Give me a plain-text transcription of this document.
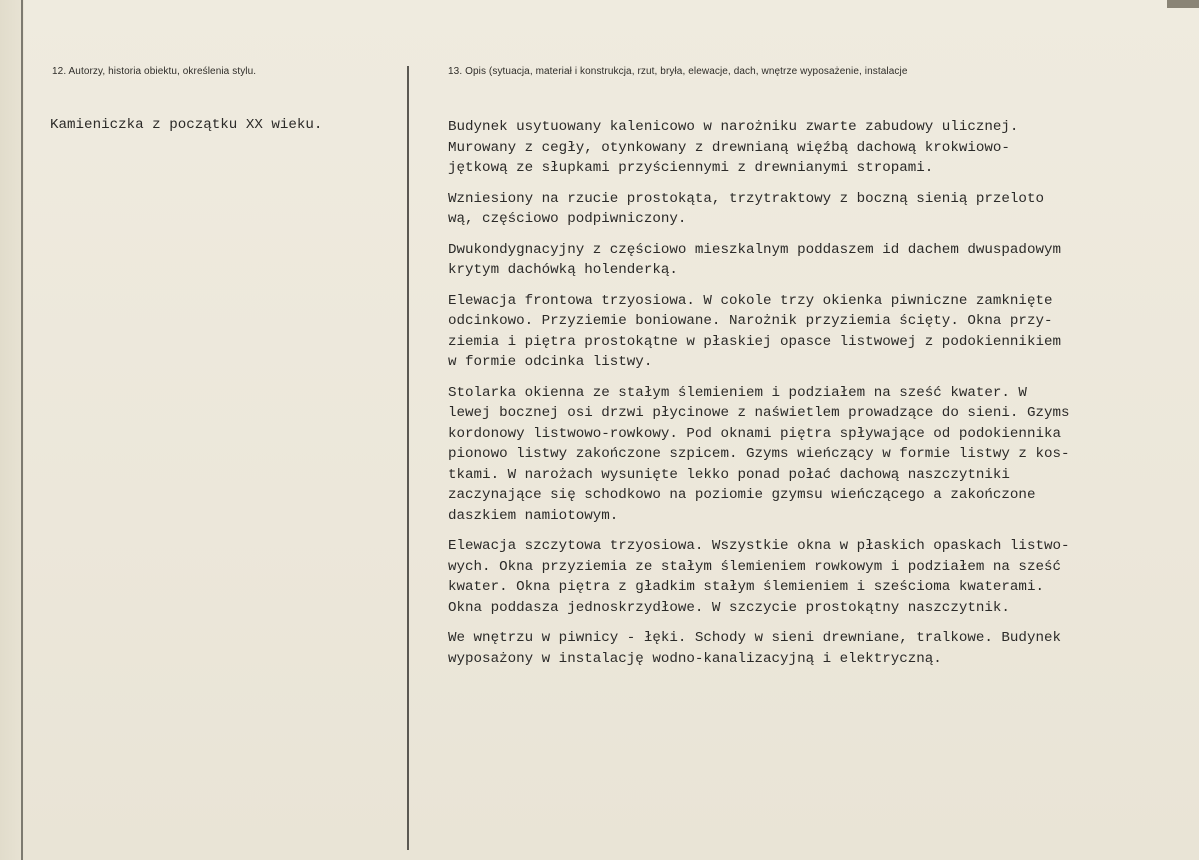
12. Autorzy, historia obiektu, określenia stylu.	13. Opis (sytuacja, materiał i konstrukcja, rzut, bryła, elewacje, dach, wnętrze wyposażenie, instalacje
Kamieniczka z początku XX wieku.	Budynek usytuowany kalenicowo w narożniku zwarte zabudowy ulicznej.

Murowany z cegły, otynkowany z drewnianą więźbą dachową krokwiowo-

jętkową ze słupkami przyściennymi z drewnianymi stropami.

Wzniesiony na rzucie prostokąta, trzytraktowy z boczną sienią przeloto

wą, częściowo podpiwniczony.

Dwukondygnacyjny z częściowo mieszkalnym poddaszem id dachem dwuspadowym

krytym dachówką holenderką.

Elewacja frontowa trzyosiowa. W cokole trzy okienka piwniczne zamknięte

odcinkowo. Przyziemie boniowane. Narożnik przyziemia ścięty. Okna przy-

ziemia i piętra prostokątne w płaskiej opasce listwowej z podokiennikiem

w formie odcinka listwy.

Stolarka okienna ze stałym ślemieniem i podziałem na sześć kwater. W

lewej bocznej osi drzwi płycinowe z naświetlem prowadzące do sieni. Gzyms

kordonowy listwowo-rowkowy. Pod oknami piętra spływające od podokiennika

pionowo listwy zakończone szpicem. Gzyms wieńczący w formie listwy z kos-

tkami. W narożach wysunięte lekko ponad połać dachową naszczytniki

zaczynające się schodkowo na poziomie gzymsu wieńczącego a zakończone

daszkiem namiotowym.

Elewacja szczytowa trzyosiowa. Wszystkie okna w płaskich opaskach listwo-

wych. Okna przyziemia ze stałym ślemieniem rowkowym i podziałem na sześć

kwater. Okna piętra z gładkim stałym ślemieniem i sześcioma kwaterami.

Okna poddasza jednoskrzydłowe. W szczycie prostokątny naszczytnik.

We wnętrzu w piwnicy - łęki. Schody w sieni drewniane, tralkowe. Budynek

wyposażony w instalację wodno-kanalizacyjną i elektryczną.
